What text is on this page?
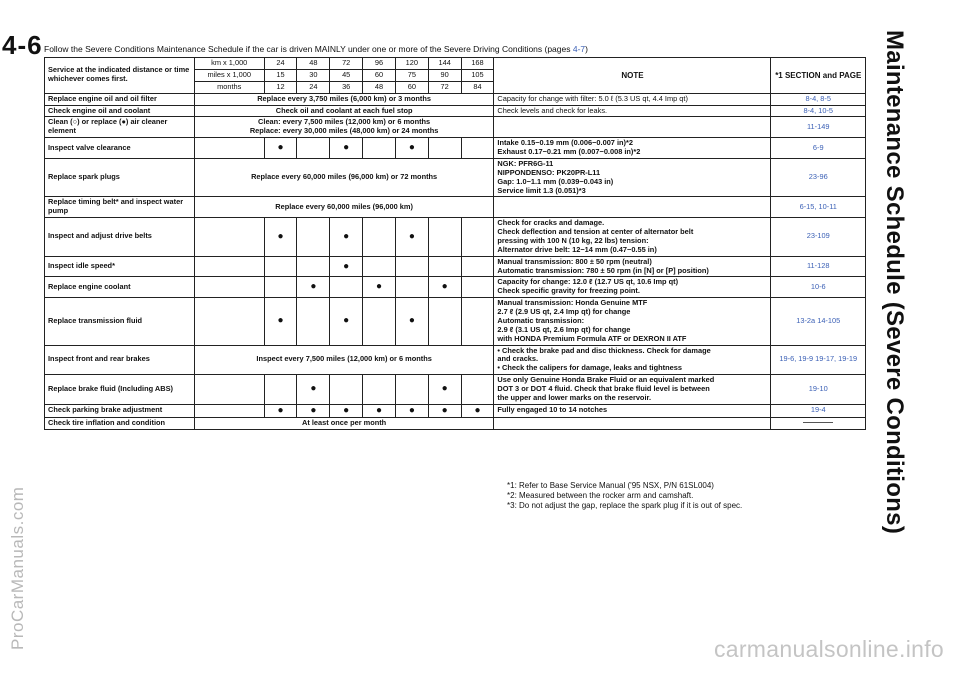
4-6	Maintenance Schedule (Severe Conditions)
ProCarManuals.com	carmanualsonline.info
Follow the Severe Conditions Maintenance Schedule if the car is driven MAINLY under one or more of the Severe Driving Conditions (pages 4-7)
Service at the indicated distance or time whichever comes first.	km x 1,000	24	48	72	96	120	144	168	NOTE	*1 SECTION and PAGE
	miles x 1,000	15	30	45	60	75	90	105		
	months	12	24	36	48	60	72	84		
Replace engine oil and oil filter	Replace every 3,750 miles (6,000 km) or 3 months								Capacity for change with filter: 5.0 ℓ (5.3 US qt, 4.4 Imp qt)	8-4, 8-5
Check engine oil and coolant	Check oil and coolant at each fuel stop								Check levels and check for leaks.	8-4, 10-5
Clean (○) or replace (●) air cleaner element	Clean: every 7,500 miles (12,000 km) or 6 months
Replace: every 30,000 miles (48,000 km) or 24 months									11-149
Inspect valve clearance		●		●		●			Intake 0.15−0.19 mm (0.006−0.007 in)*2
Exhaust 0.17−0.21 mm (0.007−0.008 in)*2	6-9
Replace spark plugs	Replace every 60,000 miles (96,000 km) or 72 months								NGK: PFR6G-11
NIPPONDENSO: PK20PR-L11
Gap: 1.0−1.1 mm (0.039−0.043 in)
Service limit 1.3 (0.051)*3	23-96
Replace timing belt* and inspect water pump	Replace every 60,000 miles (96,000 km)									6-15, 10-11
Inspect and adjust drive belts		●		●		●			Check for cracks and damage.
Check deflection and tension at center of alternator belt
pressing with 100 N (10 kg, 22 lbs) tension:
Alternator drive belt: 12−14 mm (0.47−0.55 in)	23-109
Inspect idle speed*				●					Manual transmission: 800 ± 50 rpm (neutral)
Automatic transmission: 780 ± 50 rpm (in [N] or [P] position)	11-128
Replace engine coolant			●		●		●		Capacity for change: 12.0 ℓ (12.7 US qt, 10.6 Imp qt)
Check specific gravity for freezing point.	10-6
Replace transmission fluid		●		●		●			Manual transmission: Honda Genuine MTF
2.7 ℓ (2.9 US qt, 2.4 Imp qt) for change
Automatic transmission:
2.9 ℓ (3.1 US qt, 2.6 Imp qt) for change
with HONDA Premium Formula ATF or DEXRON II ATF	13-2a 14-105
Inspect front and rear brakes	Inspect every 7,500 miles (12,000 km) or 6 months								• Check the brake pad and disc thickness. Check for damage
and cracks.
• Check the calipers for damage, leaks and tightness	19-6, 19-9 19-17, 19-19
Replace brake fluid (Including ABS)			●				●		Use only Genuine Honda Brake Fluid or an equivalent marked
DOT 3 or DOT 4 fluid. Check that brake fluid level is between
the upper and lower marks on the reservoir.	19-10
Check parking brake adjustment		●	●	●	●	●	●	●	Fully engaged 10 to 14 notches	19-4
Check tire inflation and condition	At least once per month									

*1: Refer to Base Service Manual ('95 NSX, P/N 61SL004)
*2: Measured between the rocker arm and camshaft.
*3: Do not adjust the gap, replace the spark plug if it is out of spec.
